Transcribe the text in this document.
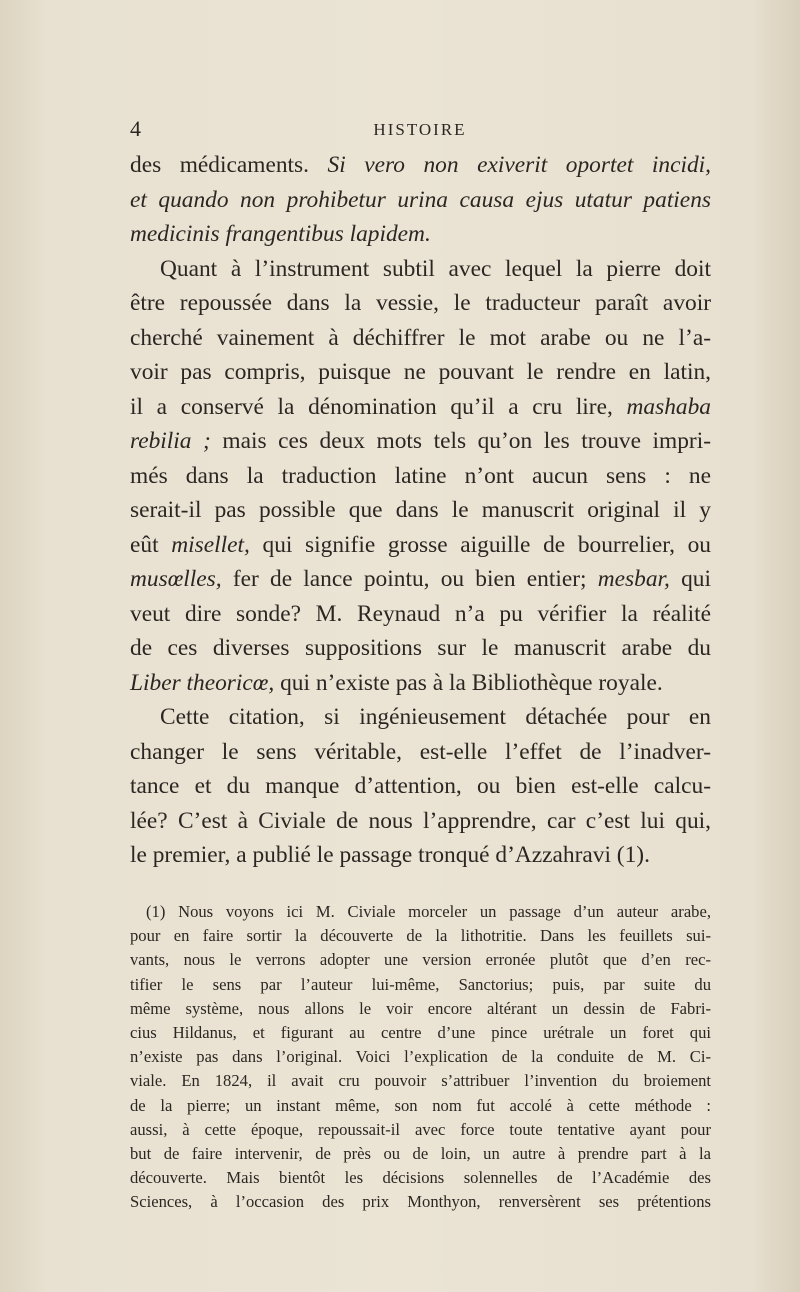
4	HISTOIRE

des médicaments. Si vero non exiverit oportet incidi,
et quando non prohibetur urina causa ejus utatur patiens
medicinis frangentibus lapidem.
Quant à l’instrument subtil avec lequel la pierre doit
être repoussée dans la vessie, le traducteur paraît avoir
cherché vainement à déchiffrer le mot arabe ou ne l’a-
voir pas compris, puisque ne pouvant le rendre en latin,
il a conservé la dénomination qu’il a cru lire, mashaba
rebilia ; mais ces deux mots tels qu’on les trouve impri-
més dans la traduction latine n’ont aucun sens : ne
serait-il pas possible que dans le manuscrit original il y
eût misellet, qui signifie grosse aiguille de bourrelier, ou
musœlles, fer de lance pointu, ou bien entier; mesbar, qui
veut dire sonde? M. Reynaud n’a pu vérifier la réalité
de ces diverses suppositions sur le manuscrit arabe du
Liber theoricœ, qui n’existe pas à la Bibliothèque royale.
Cette citation, si ingénieusement détachée pour en
changer le sens véritable, est-elle l’effet de l’inadver-
tance et du manque d’attention, ou bien est-elle calcu-
lée? C’est à Civiale de nous l’apprendre, car c’est lui qui,
le premier, a publié le passage tronqué d’Azzahravi (1).

(1) Nous voyons ici M. Civiale morceler un passage d’un auteur arabe,
pour en faire sortir la découverte de la lithotritie. Dans les feuillets sui-
vants, nous le verrons adopter une version erronée plutôt que d’en rec-
tifier le sens par l’auteur lui-même, Sanctorius; puis, par suite du
même système, nous allons le voir encore altérant un dessin de Fabri-
cius Hildanus, et figurant au centre d’une pince urétrale un foret qui
n’existe pas dans l’original. Voici l’explication de la conduite de M. Ci-
viale. En 1824, il avait cru pouvoir s’attribuer l’invention du broiement
de la pierre; un instant même, son nom fut accolé à cette méthode :
aussi, à cette époque, repoussait-il avec force toute tentative ayant pour
but de faire intervenir, de près ou de loin, un autre à prendre part à la
découverte. Mais bientôt les décisions solennelles de l’Académie des
Sciences, à l’occasion des prix Monthyon, renversèrent ses prétentions
